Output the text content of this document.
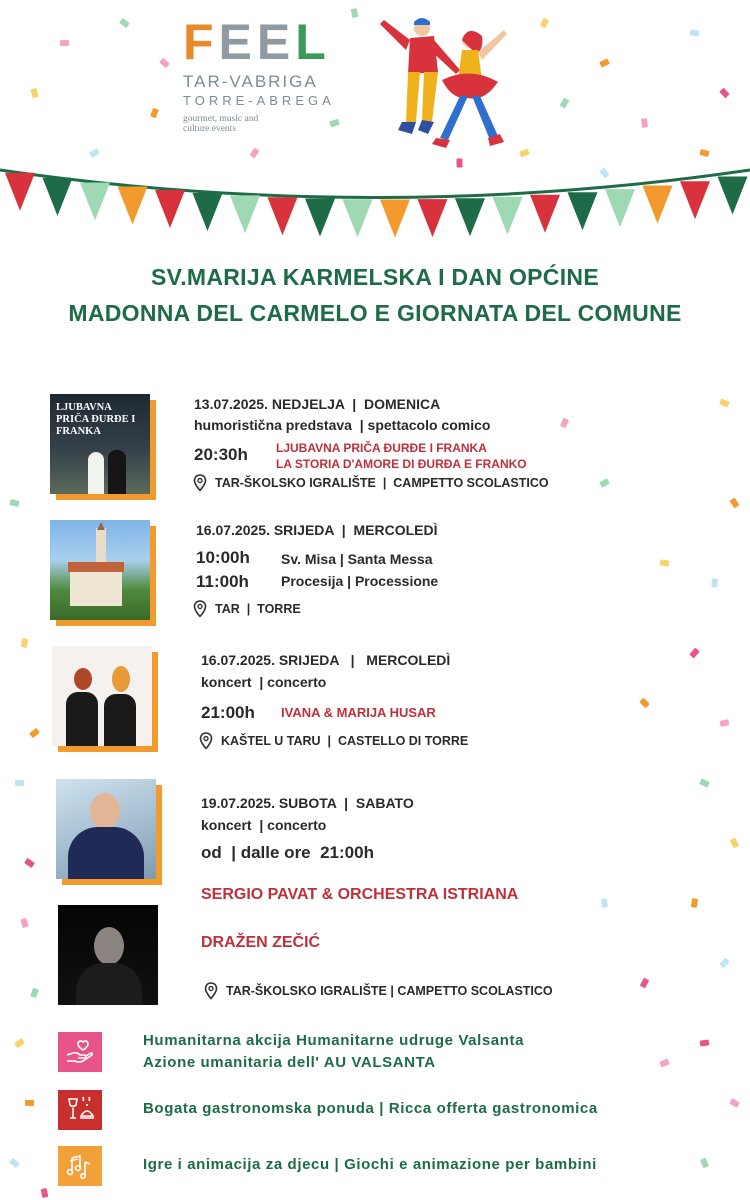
F E E L
TAR-VABRIGA
TORRE-ABREGA
gourmet, music and culture events
SV.MARIJA KARMELSKA I DAN OPĆINE
MADONNA DEL CARMELO E GIORNATA DEL COMUNE
LJUBAVNA PRIČA ĐURĐE I FRANKA
13.07.2025. NEDJELJA  |  DOMENICA
humoristična predstava  | spettacolo comico
20:30h LJUBAVNA PRIČA ĐURĐE I FRANKA
LA STORIA D'AMORE DI ĐURĐA E FRANKO
TAR-ŠKOLSKO IGRALIŠTE  |  CAMPETTO SCOLASTICO
16.07.2025. SRIJEDA  |  MERCOLEDÌ
10:00h Sv. Misa | Santa Messa
11:00h Procesija | Processione
TAR  |  TORRE
16.07.2025. SRIJEDA   |   MERCOLEDÌ
koncert  | concerto
21:00h IVANA & MARIJA HUSAR
KAŠTEL U TARU  |  CASTELLO DI TORRE
19.07.2025. SUBOTA  |  SABATO
koncert  | concerto
od  | dalle ore 21:00h
SERGIO PAVAT & ORCHESTRA ISTRIANA
DRAŽEN ZEČIĆ
TAR-ŠKOLSKO IGRALIŠTE | CAMPETTO SCOLASTICO
Humanitarna akcija Humanitarne udruge Valsanta
Azione umanitaria dell' AU VALSANTA
Bogata gastronomska ponuda | Ricca offerta gastronomica
Igre i animacija za djecu | Giochi e animazione per bambini
